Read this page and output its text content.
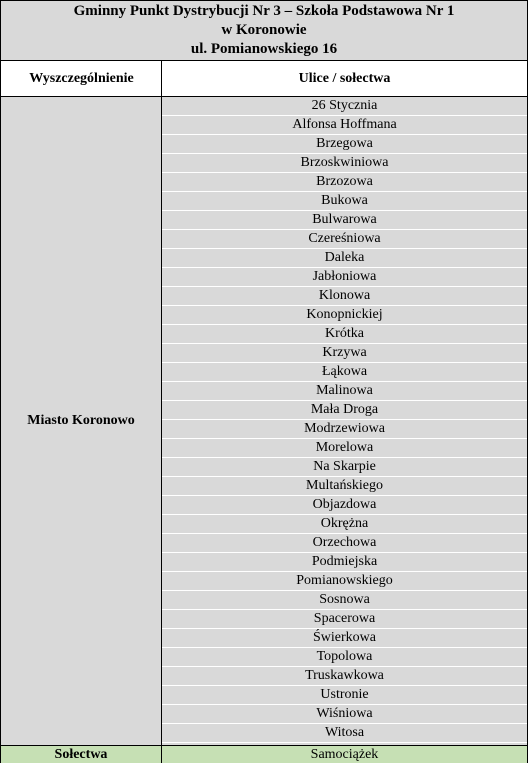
Gminny Punkt Dystrybucji Nr 3 – Szkoła Podstawowa Nr 1
w Koronowie
ul. Pomianowskiego 16
Wyszczególnienie	Ulice / sołectwa
Miasto Koronowo
26 Stycznia
Alfonsa Hoffmana
Brzegowa
Brzoskwiniowa
Brzozowa
Bukowa
Bulwarowa
Czereśniowa
Daleka
Jabłoniowa
Klonowa
Konopnickiej
Krótka
Krzywa
Łąkowa
Malinowa
Mała Droga
Modrzewiowa
Morelowa
Na Skarpie
Multańskiego
Objazdowa
Okrężna
Orzechowa
Podmiejska
Pomianowskiego
Sosnowa
Spacerowa
Świerkowa
Topolowa
Truskawkowa
Ustronie
Wiśniowa
Witosa
Sołectwa	Samociążek
